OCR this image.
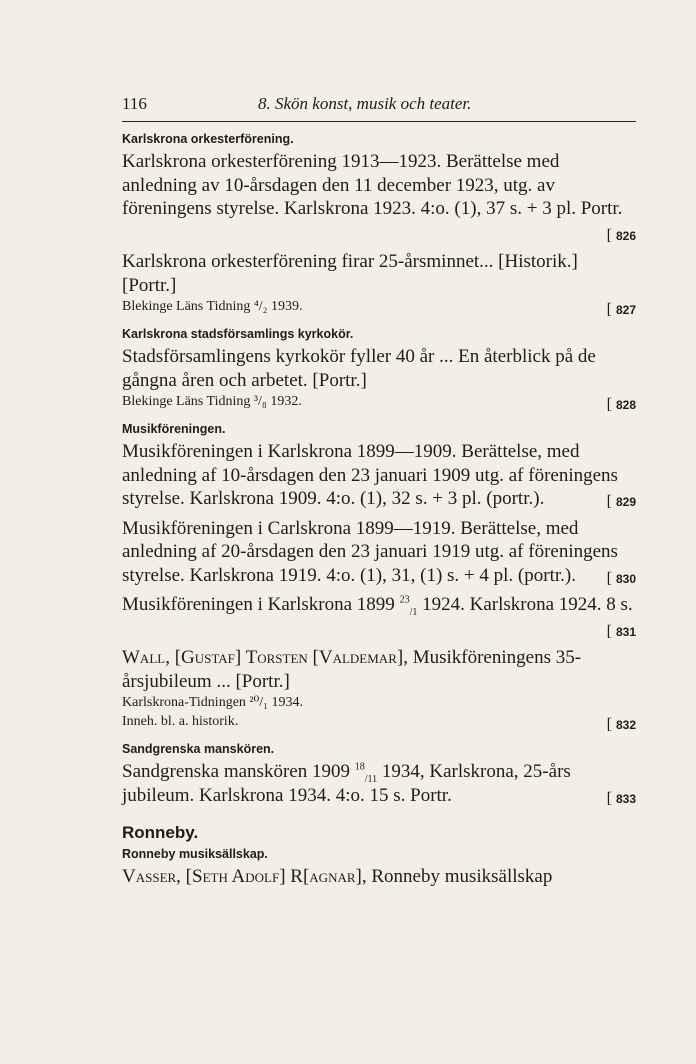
116	8. Skön konst, musik och teater.
Karlskrona orkesterförening.
Karlskrona orkesterförening 1913—1923. Berättelse med anledning av 10-årsdagen den 11 december 1923, utg. av föreningens styrelse. Karlskrona 1923. 4:o. (1), 37 s. + 3 pl. Portr.
[ 826
Karlskrona orkesterförening firar 25-årsminnet... [Historik.] [Portr.]
Blekinge Läns Tidning ⁴/₂ 1939.	[ 827
Karlskrona stadsförsamlings kyrkokör.
Stadsförsamlingens kyrkokör fyller 40 år ... En återblick på de gångna åren och arbetet. [Portr.]
Blekinge Läns Tidning ³/₈ 1932.	[ 828
Musikföreningen.
Musikföreningen i Karlskrona 1899—1909. Berättelse, med anledning af 10-årsdagen den 23 januari 1909 utg. af föreningens styrelse. Karlskrona 1909. 4:o. (1), 32 s. + 3 pl. (portr.).	[ 829
Musikföreningen i Carlskrona 1899—1919. Berättelse, med anledning af 20-årsdagen den 23 januari 1919 utg. af föreningens styrelse. Karlskrona 1919. 4:o. (1), 31, (1) s. + 4 pl. (portr.). [ 830
Musikföreningen i Karlskrona 1899 $^{23}_{/1}$ 1924. Karlskrona 1924. 8 s.
[ 831
Wall, [Gustaf] Torsten [Valdemar], Musikföreningens 35-årsjubileum ... [Portr.]
Karlskrona-Tidningen ²⁰/₁ 1934.
Inneh. bl. a. historik.	[ 832
Sandgrenska manskören.
Sandgrenska manskören 1909 $^{18}_{/11}$ 1934, Karlskrona, 25-års jubileum. Karlskrona 1934. 4:o. 15 s. Portr.	[ 833
Ronneby.
Ronneby musiksällskap.
Vasser, [Seth Adolf] R[agnar], Ronneby musiksällskap
